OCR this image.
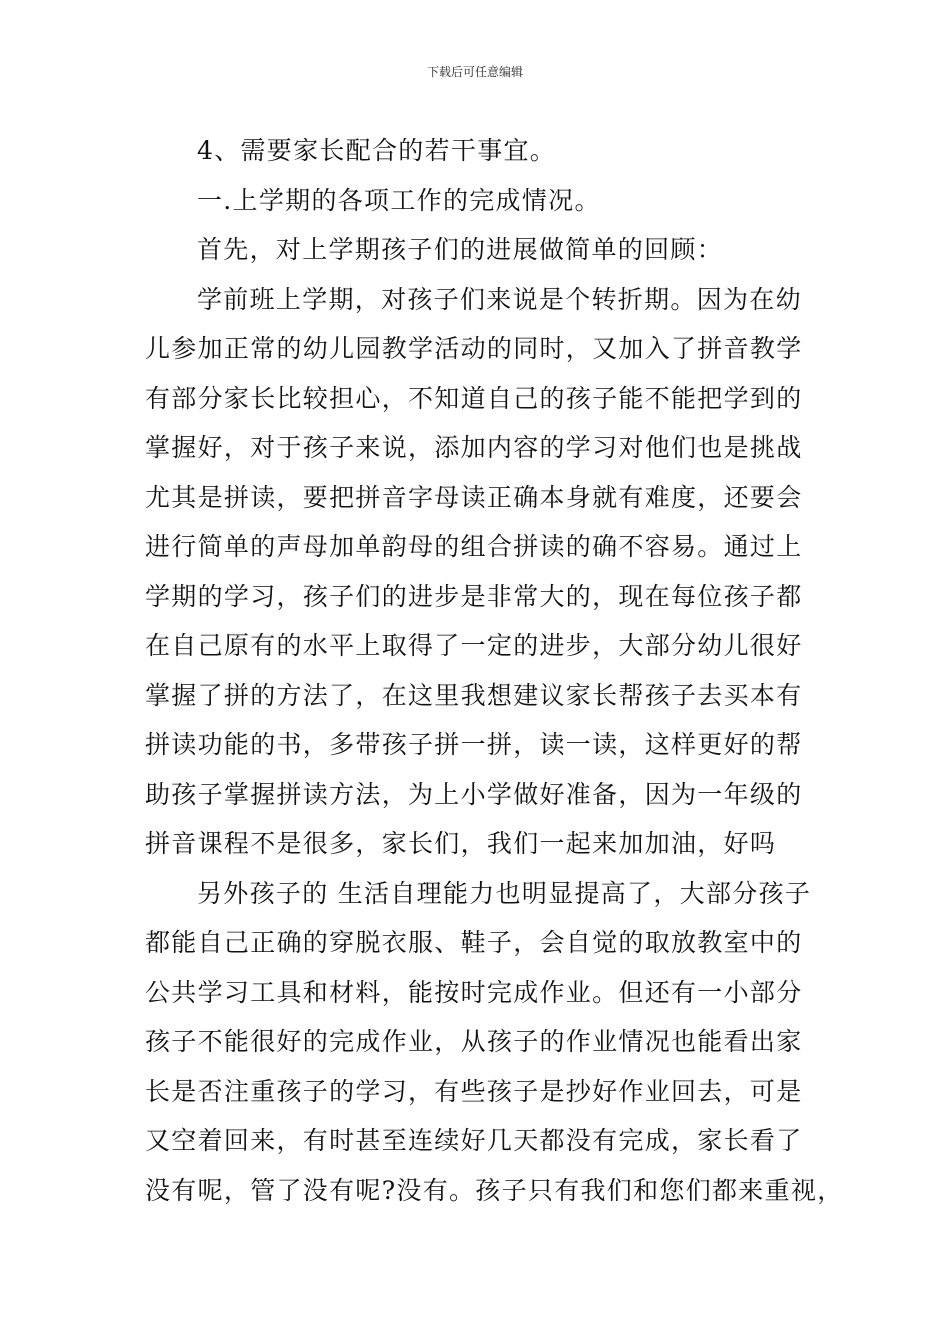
下载后可任意编辑
4、需要家长配合的若干事宜。
一.上学期的各项工作的完成情况。
首先，对上学期孩子们的进展做简单的回顾：
学前班上学期，对孩子们来说是个转折期。因为在幼
儿参加正常的幼儿园教学活动的同时，又加入了拼音教学
有部分家长比较担心，不知道自己的孩子能不能把学到的
掌握好，对于孩子来说，添加内容的学习对他们也是挑战
尤其是拼读，要把拼音字母读正确本身就有难度，还要会
进行简单的声母加单韵母的组合拼读的确不容易。通过上
学期的学习，孩子们的进步是非常大的，现在每位孩子都
在自己原有的水平上取得了一定的进步，大部分幼儿很好
掌握了拼的方法了，在这里我想建议家长帮孩子去买本有
拼读功能的书，多带孩子拼一拼，读一读，这样更好的帮
助孩子掌握拼读方法，为上小学做好准备，因为一年级的
拼音课程不是很多，家长们，我们一起来加加油，好吗
另外孩子的 生活自理能力也明显提高了，大部分孩子
都能自己正确的穿脱衣服、鞋子，会自觉的取放教室中的
公共学习工具和材料，能按时完成作业。但还有一小部分
孩子不能很好的完成作业，从孩子的作业情况也能看出家
长是否注重孩子的学习，有些孩子是抄好作业回去，可是
又空着回来，有时甚至连续好几天都没有完成，家长看了
没有呢，管了没有呢?没有。孩子只有我们和您们都来重视，
